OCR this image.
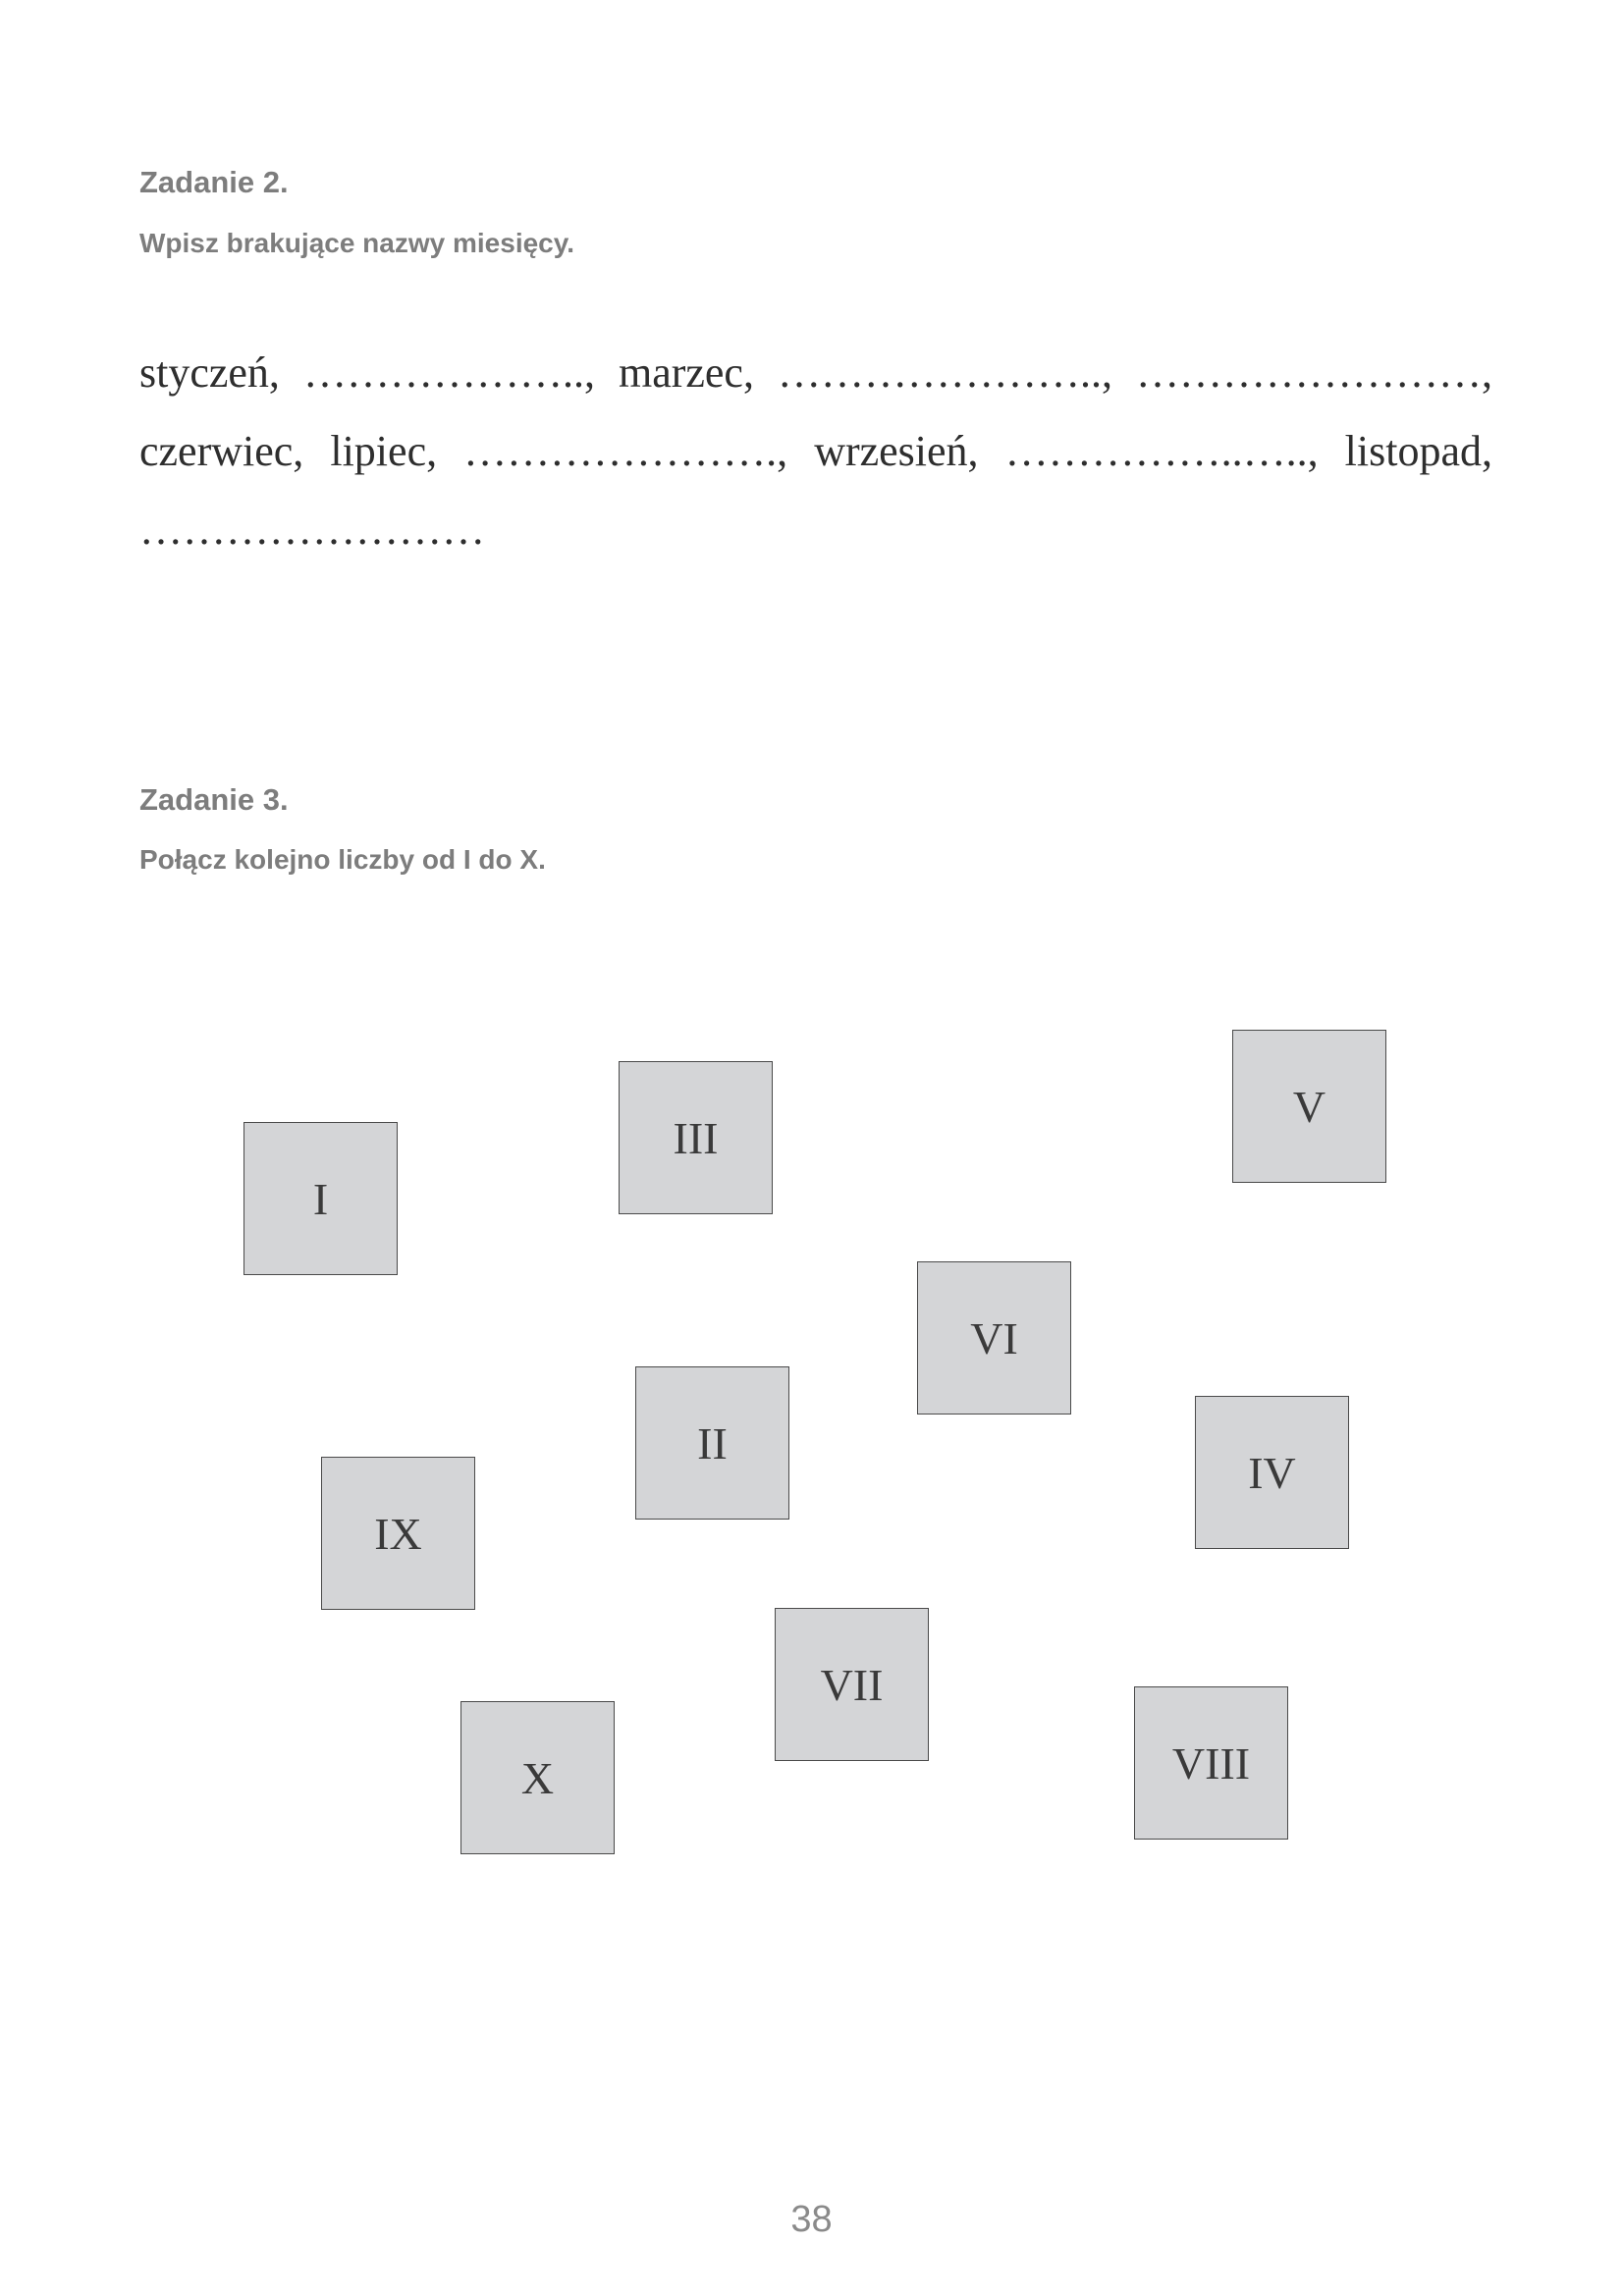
Zadanie 2.

Wpisz brakujące nazwy miesięcy.

styczeń, ……………….., marzec, ………………….., ……………………,
czerwiec, lipiec, …………………., wrzesień, ……………..….., listopad,
……………………
Zadanie 3.

Połącz kolejno liczby od I do X.

I
II
III
IV
V
VI
VII
VIII
IX
X

38
